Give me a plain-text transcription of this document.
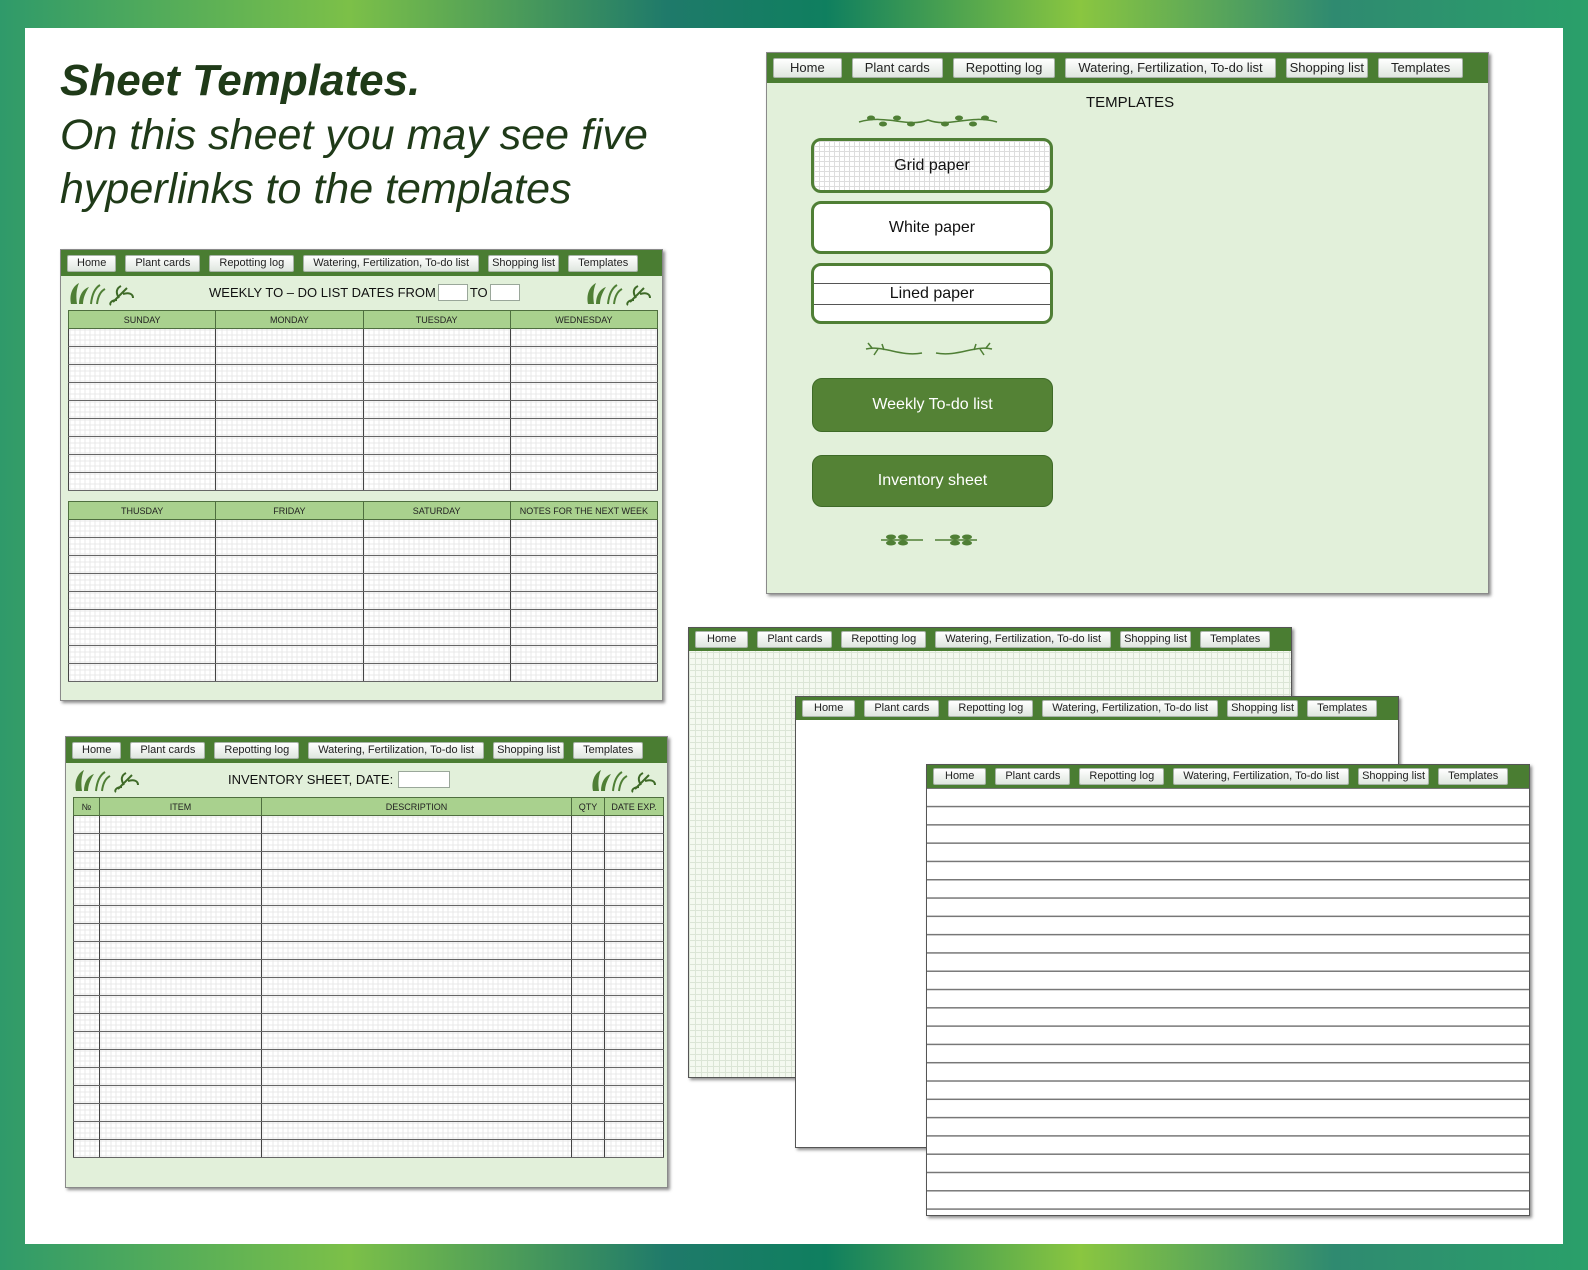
Sheet Templates.
On this sheet you may see five
hyperlinks to the templates
Home	Plant cards	Repotting log	Watering, Fertilization, To-do list	Shopping list	Templates
WEEKLY TO – DO LIST DATES FROM	TO
SUNDAY	MONDAY	TUESDAY	WEDNESDAY

THUSDAY	FRIDAY	SATURDAY	NOTES FOR THE NEXT WEEK

Home	Plant cards	Repotting log	Watering, Fertilization, To-do list	Shopping list	Templates
INVENTORY SHEET, DATE:
№	ITEM	DESCRIPTION	QTY	DATE EXP.

Home	Plant cards	Repotting log	Watering, Fertilization, To-do list	Shopping list	Templates
TEMPLATES
Grid paper
White paper
Lined paper
Weekly To-do list
Inventory sheet
Home	Plant cards	Repotting log	Watering, Fertilization, To-do list	Shopping list	Templates
Home	Plant cards	Repotting log	Watering, Fertilization, To-do list	Shopping list	Templates
Home	Plant cards	Repotting log	Watering, Fertilization, To-do list	Shopping list	Templates
